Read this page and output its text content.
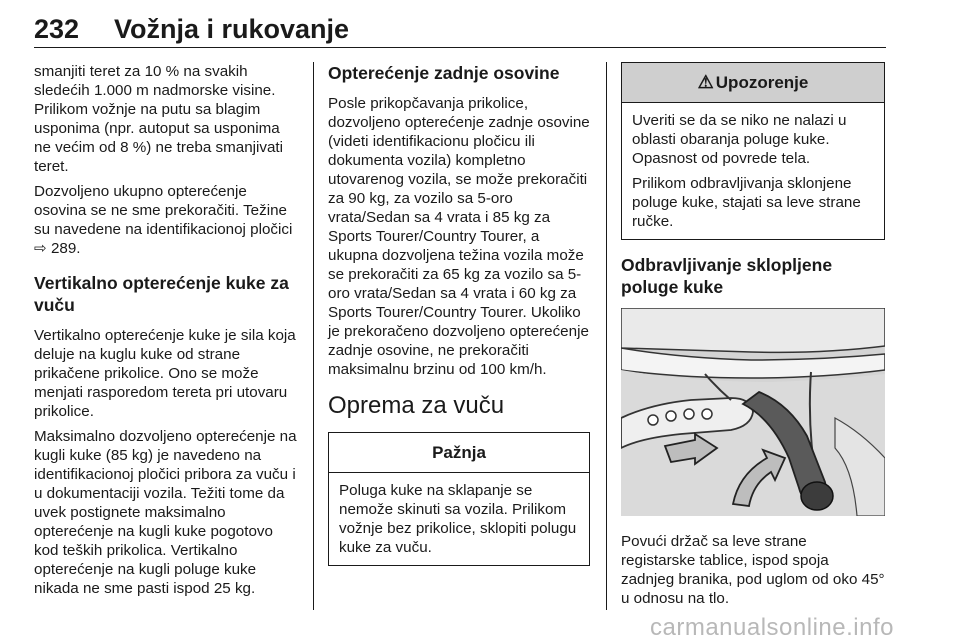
232 Vožnja i rukovanje

smanjiti teret za 10 % na svakih sledećih 1.000 m nadmorske visine. Prilikom vožnje na putu sa blagim usponima (npr. autoput sa usponima ne većim od 8 %) ne treba smanjivati teret.

Dozvoljeno ukupno opterećenje osovina se ne sme prekoračiti. Težine su navedene na identifikacionoj pločici ⇨ 289.

Vertikalno opterećenje kuke za vuču

Vertikalno opterećenje kuke je sila koja deluje na kuglu kuke od strane prikačene prikolice. Ono se može menjati rasporedom tereta pri utovaru prikolice.

Maksimalno dozvoljeno opterećenje na kugli kuke (85 kg) je navedeno na identifikacionoj pločici pribora za vuču i u dokumentaciji vozila. Težiti tome da uvek postignete maksimalno opterećenje na kugli kuke pogotovo kod teških prikolica. Vertikalno opterećenje na kugli poluge kuke nikada ne sme pasti ispod 25 kg.

Opterećenje zadnje osovine

Posle prikopčavanja prikolice, dozvoljeno opterećenje zadnje osovine (videti identifikacionu pločicu ili dokumenta vozila) kompletno utovarenog vozila, se može prekoračiti za 90 kg, za vozilo sa 5-oro vrata/Sedan sa 4 vrata i 85 kg za Sports Tourer/Country Tourer, a ukupna dozvoljena težina vozila može se prekoračiti za 65 kg za vozilo sa 5-oro vrata/Sedan sa 4 vrata i 60 kg za Sports Tourer/Country Tourer. Ukoliko je prekoračeno dozvoljeno opterećenje zadnje osovine, ne prekoračiti maksimalnu brzinu od 100 km/h.

Oprema za vuču
Pažnja

Poluga kuke na sklapanje se nemože skinuti sa vozila. Prilikom vožnje bez prikolice, sklopiti polugu kuke za vuču.

⚠ Upozorenje

Uveriti se da se niko ne nalazi u oblasti obaranja poluge kuke. Opasnost od povrede tela.

Prilikom odbravljivanja sklonjene poluge kuke, stajati sa leve strane ručke.

Odbravljivanje sklopljene poluge kuke

Povući držač sa leve strane registarske tablice, ispod spoja zadnjeg branika, pod uglom od oko 45° u odnosu na tlo.

carmanualsonline.info
